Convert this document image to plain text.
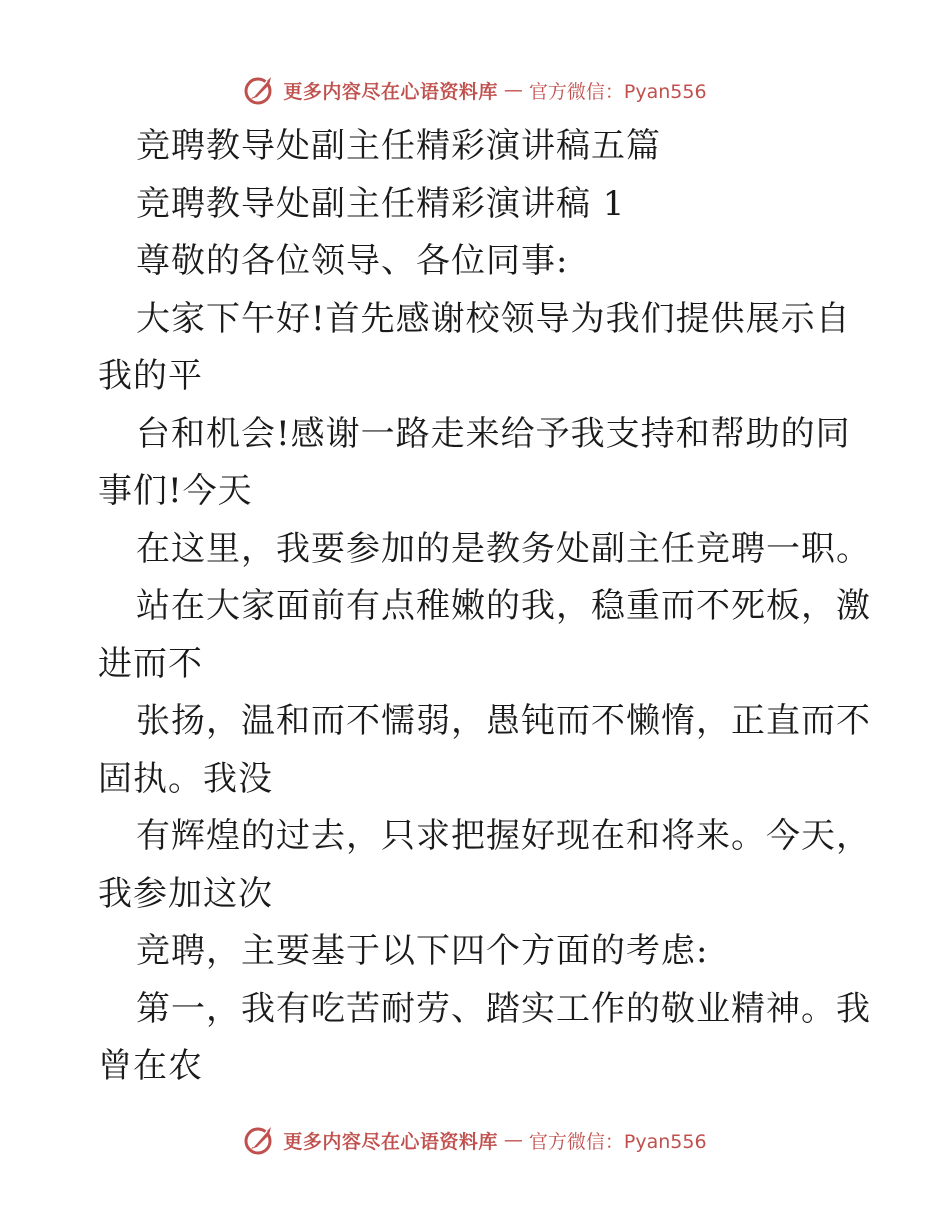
更多内容尽在心语资料库 — 官方微信：Pyan556
竞聘教导处副主任精彩演讲稿五篇
竞聘教导处副主任精彩演讲稿 1
尊敬的各位领导、各位同事:
大家下午好!首先感谢校领导为我们提供展示自
我的平
台和机会!感谢一路走来给予我支持和帮助的同
事们!今天
在这里，我要参加的是教务处副主任竞聘一职。
站在大家面前有点稚嫩的我，稳重而不死板，激
进而不
张扬，温和而不懦弱，愚钝而不懒惰，正直而不
固执。我没
有辉煌的过去，只求把握好现在和将来。今天，
我参加这次
竞聘，主要基于以下四个方面的考虑:
第一，我有吃苦耐劳、踏实工作的敬业精神。我
曾在农
更多内容尽在心语资料库 — 官方微信：Pyan556
